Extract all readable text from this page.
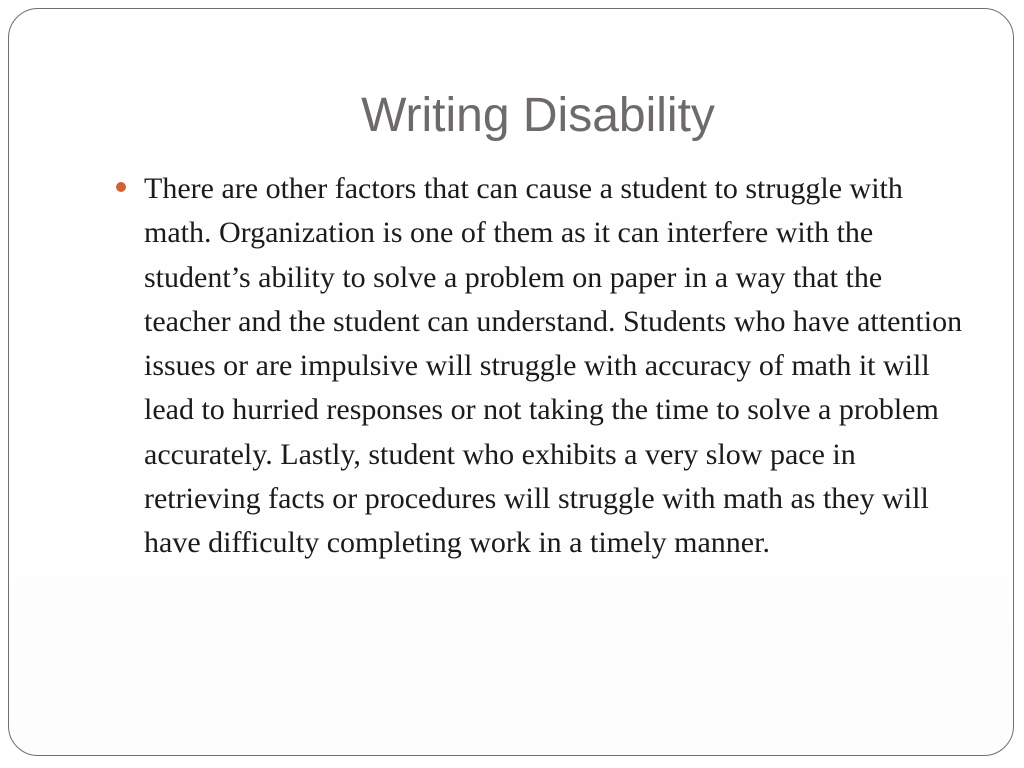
Writing Disability

There are other factors that can cause a student to struggle with math. Organization is one of them as it can interfere with the student’s ability to solve a problem on paper in a way that the teacher and the student can understand. Students who have attention issues or are impulsive will struggle with accuracy of math it will lead to hurried responses or not taking the time to solve a problem accurately. Lastly, student who exhibits a very slow pace in retrieving facts or procedures will struggle with math as they will have difficulty completing work in a timely manner.
